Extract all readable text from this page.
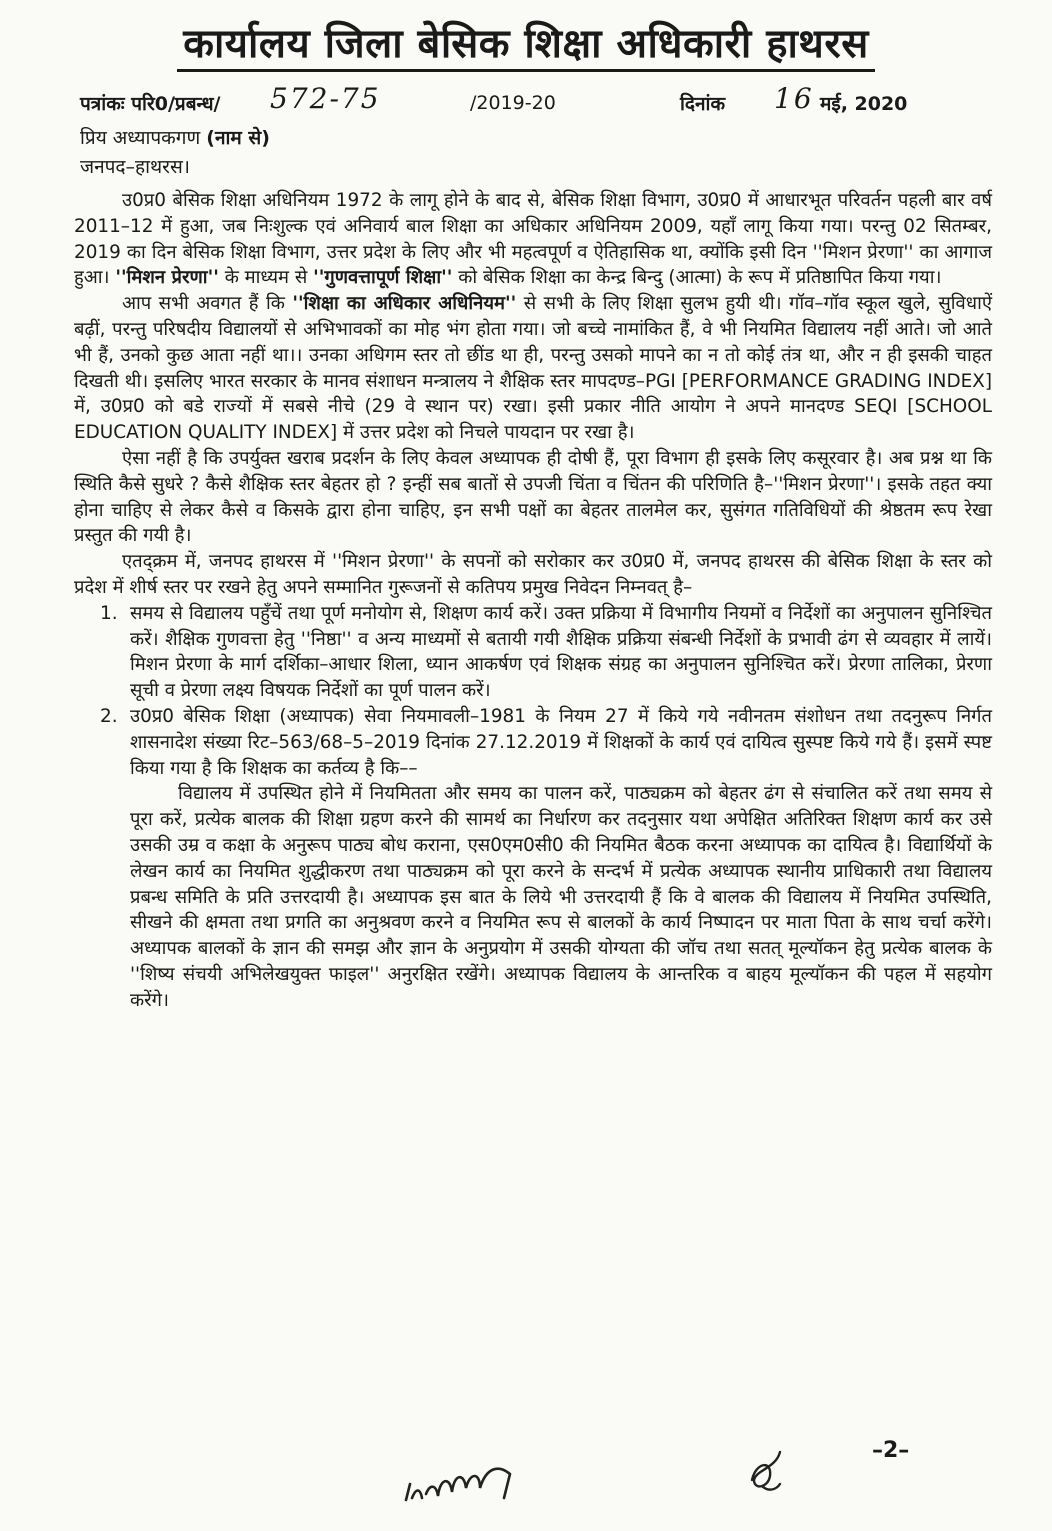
कार्यालय जिला बेसिक शिक्षा अधिकारी हाथरस
पत्रांकः परि0/प्रबन्ध/ 572-75	/2019-20	दिनांक 16 मई, 2020
प्रिय अध्यापकगण (नाम से)
जनपद–हाथरस।

उ0प्र0 बेसिक शिक्षा अधिनियम 1972 के लागू होने के बाद से, बेसिक शिक्षा विभाग, उ0प्र0 में आधारभूत परिवर्तन पहली बार वर्ष 2011–12 में हुआ, जब निःशुल्क एवं अनिवार्य बाल शिक्षा का अधिकार अधिनियम 2009, यहाँ लागू किया गया। परन्तु 02 सितम्बर, 2019 का दिन बेसिक शिक्षा विभाग, उत्तर प्रदेश के लिए और भी महत्वपूर्ण व ऐतिहासिक था, क्योंकि इसी दिन ''मिशन प्रेरणा'' का आगाज हुआ। ''मिशन प्रेरणा'' के माध्यम से ''गुणवत्तापूर्ण शिक्षा'' को बेसिक शिक्षा का केन्द्र बिन्दु (आत्मा) के रूप में प्रतिष्ठापित किया गया।

आप सभी अवगत हैं कि ''शिक्षा का अधिकार अधिनियम'' से सभी के लिए शिक्षा सुलभ हुयी थी। गॉव–गॉव स्कूल खुले, सुविधाऐं बढ़ीं, परन्तु परिषदीय विद्यालयों से अभिभावकों का मोह भंग होता गया। जो बच्चे नामांकित हैं, वे भी नियमित विद्यालय नहीं आते। जो आते भी हैं, उनको कुछ आता नहीं था।। उनका अधिगम स्तर तो छींड था ही, परन्तु उसको मापने का न तो कोई तंत्र था, और न ही इसकी चाहत दिखती थी। इसलिए भारत सरकार के मानव संशाधन मन्त्रालय ने शैक्षिक स्तर मापदण्ड–PGI [PERFORMANCE GRADING INDEX] में, उ0प्र0 को बडे राज्यों में सबसे नीचे (29 वे स्थान पर) रखा। इसी प्रकार नीति आयोग ने अपने मानदण्ड SEQI [SCHOOL EDUCATION QUALITY INDEX] में उत्तर प्रदेश को निचले पायदान पर रखा है।

ऐसा नहीं है कि उपर्युक्त खराब प्रदर्शन के लिए केवल अध्यापक ही दोषी हैं, पूरा विभाग ही इसके लिए कसूरवार है। अब प्रश्न था कि स्थिति कैसे सुधरे ? कैसे शैक्षिक स्तर बेहतर हो ? इन्हीं सब बातों से उपजी चिंता व चिंतन की परिणिति है–''मिशन प्रेरणा''। इसके तहत क्या होना चाहिए से लेकर कैसे व किसके द्वारा होना चाहिए, इन सभी पक्षों का बेहतर तालमेल कर, सुसंगत गतिविधियों की श्रेष्ठतम रूप रेखा प्रस्तुत की गयी है।

एतद्क्रम में, जनपद हाथरस में ''मिशन प्रेरणा'' के सपनों को सरोकार कर उ0प्र0 में, जनपद हाथरस की बेसिक शिक्षा के स्तर को प्रदेश में शीर्ष स्तर पर रखने हेतु अपने सम्मानित गुरूजनों से कतिपय प्रमुख निवेदन निम्नवत् है–

1. समय से विद्यालय पहुँचें तथा पूर्ण मनोयोग से, शिक्षण कार्य करें। उक्त प्रक्रिया में विभागीय नियमों व निर्देशों का अनुपालन सुनिश्चित करें। शैक्षिक गुणवत्ता हेतु ''निष्ठा'' व अन्य माध्यमों से बतायी गयी शैक्षिक प्रक्रिया संबन्धी निर्देशों के प्रभावी ढंग से व्यवहार में लायें। मिशन प्रेरणा के मार्ग दर्शिका–आधार शिला, ध्यान आकर्षण एवं शिक्षक संग्रह का अनुपालन सुनिश्चित करें। प्रेरणा तालिका, प्रेरणा सूची व प्रेरणा लक्ष्य विषयक निर्देशों का पूर्ण पालन करें।
2. उ0प्र0 बेसिक शिक्षा (अध्यापक) सेवा नियमावली–1981 के नियम 27 में किये गये नवीनतम संशोधन तथा तदनुरूप निर्गत शासनादेश संख्या रिट–563/68–5–2019 दिनांक 27.12.2019 में शिक्षकों के कार्य एवं दायित्व सुस्पष्ट किये गये हैं। इसमें स्पष्ट किया गया है कि शिक्षक का कर्तव्य है कि––

विद्यालय में उपस्थित होने में नियमितता और समय का पालन करें, पाठ्यक्रम को बेहतर ढंग से संचालित करें तथा समय से पूरा करें, प्रत्येक बालक की शिक्षा ग्रहण करने की सामर्थ का निर्धारण कर तदनुसार यथा अपेक्षित अतिरिक्त शिक्षण कार्य कर उसे उसकी उम्र व कक्षा के अनुरूप पाठ्य बोध कराना, एस0एम0सी0 की नियमित बैठक करना अध्यापक का दायित्व है। विद्यार्थियों के लेखन कार्य का नियमित शुद्धीकरण तथा पाठ्यक्रम को पूरा करने के सन्दर्भ में प्रत्येक अध्यापक स्थानीय प्राधिकारी तथा विद्यालय प्रबन्ध समिति के प्रति उत्तरदायी है। अध्यापक इस बात के लिये भी उत्तरदायी हैं कि वे बालक की विद्यालय में नियमित उपस्थिति, सीखने की क्षमता तथा प्रगति का अनुश्रवण करने व नियमित रूप से बालकों के कार्य निष्पादन पर माता पिता के साथ चर्चा करेंगे। अध्यापक बालकों के ज्ञान की समझ और ज्ञान के अनुप्रयोग में उसकी योग्यता की जॉच तथा सतत् मूल्यॉकन हेतु प्रत्येक बालक के ''शिष्य संचयी अभिलेखयुक्त फाइल'' अनुरक्षित रखेंगे। अध्यापक विद्यालय के आन्तरिक व बाहय मूल्यॉकन की पहल में सहयोग करेंगे।

–2–
